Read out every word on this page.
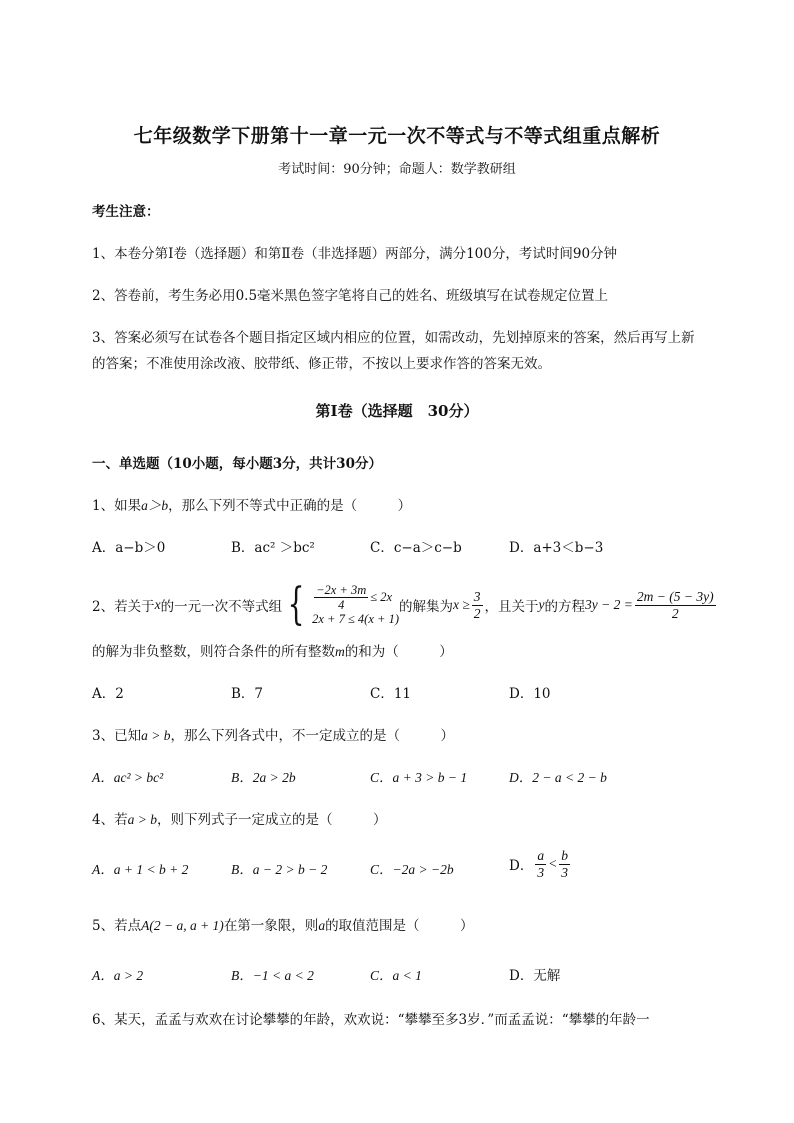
七年级数学下册第十一章一元一次不等式与不等式组重点解析
考试时间：90分钟；命题人：数学教研组
考生注意：
1、本卷分第I卷（选择题）和第Ⅱ卷（非选择题）两部分，满分100分，考试时间90分钟
2、答卷前，考生务必用0.5毫米黑色签字笔将自己的姓名、班级填写在试卷规定位置上
3、答案必须写在试卷各个题目指定区域内相应的位置，如需改动，先划掉原来的答案，然后再写上新
的答案；不准使用涂改液、胶带纸、修正带，不按以上要求作答的答案无效。
第I卷（选择题　30分）
一、单选题（10小题，每小题3分，共计30分）
1、如果a＞b，那么下列不等式中正确的是（　　　）
A．a−b＞0	B．ac² ＞bc²	C．c−a＞c−b	D．a+3＜b−3
2、若关于 x 的一元一次不等式组 { $\frac{-2x + 3m}{4} \le 2x$
2x + 7 ≤ 4(x + 1)
的解集为 $x \ge \frac{3}{2}$ ，且关于 y 的方程 $3y - 2 = \frac{2m - (5 - 3y)}{2}$
的解为非负整数，则符合条件的所有整数m的和为（　　　）
A．2	B．7	C．11	D．10
3、已知a > b，那么下列各式中，不一定成立的是（　　　）
A．ac² > bc²	B．2a > 2b	C．a + 3 > b − 1	D．2 − a < 2 − b
4、若a > b，则下列式子一定成立的是（　　　）
A．a + 1 < b + 2	B．a − 2 > b − 2	C．−2a > −2b	D． $\frac{a}{3} < \frac{b}{3}$
5、若点A(2 − a, a + 1)在第一象限，则a的取值范围是（　　　）
A．a > 2	B．−1 < a < 2	C．a < 1	D．无解
6、某天，孟孟与欢欢在讨论攀攀的年龄，欢欢说：“攀攀至多3岁．”而孟孟说：“攀攀的年龄一
